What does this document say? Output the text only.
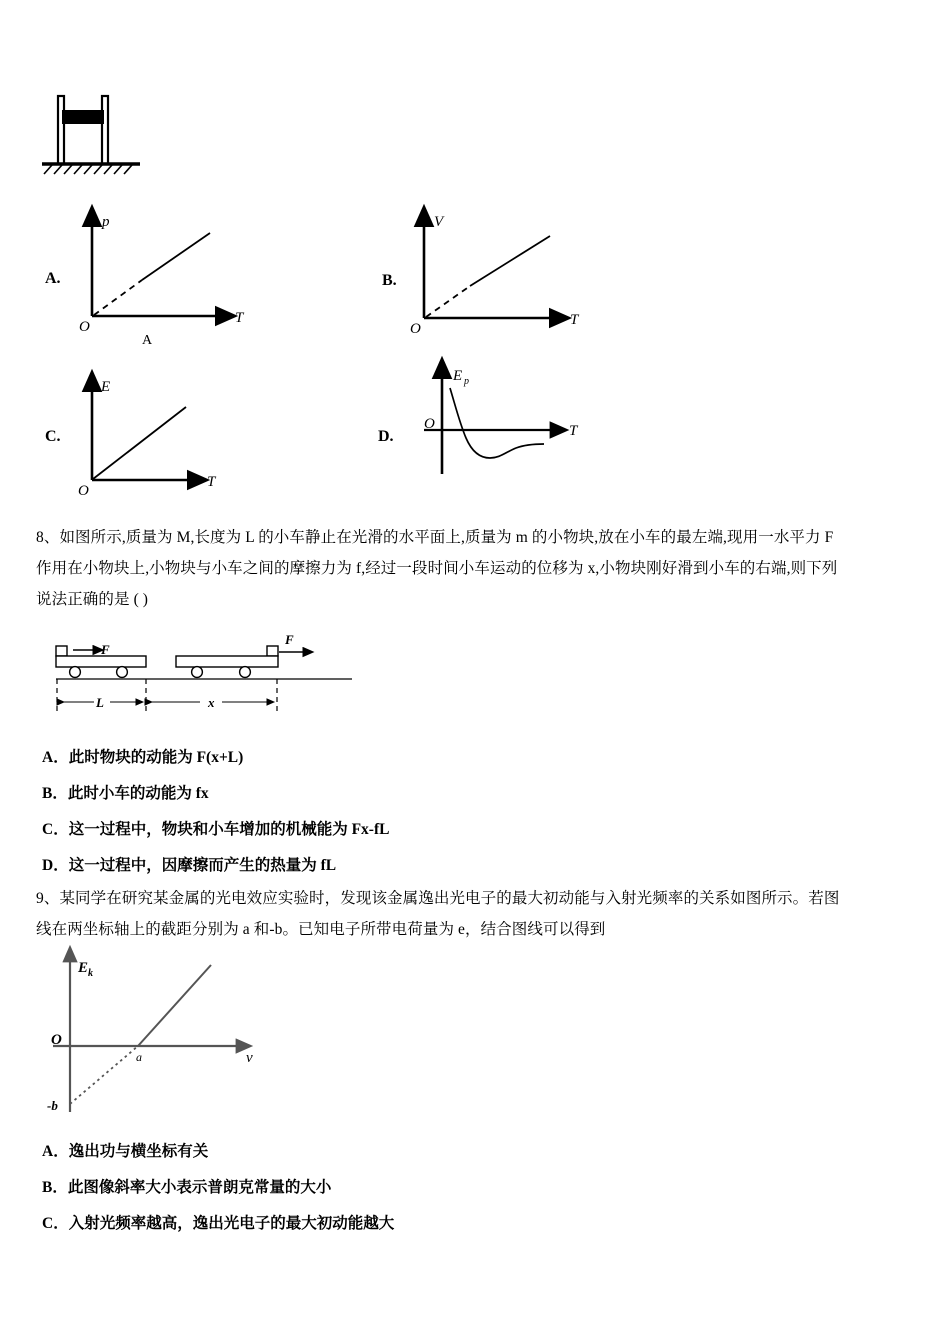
A.
p
T
O
A
B.
V
T
O
C.
E
T
O
D.
E p
T
O
8、如图所示,质量为 M,长度为 L 的小车静止在光滑的水平面上,质量为 m 的小物块,放在小车的最左端,现用一水平力 F
作用在小物块上,小物块与小车之间的摩擦力为 f,经过一段时间小车运动的位移为 x,小物块刚好滑到小车的右端,则下列
说法正确的是 ( )
F
F
L	x
A．此时物块的动能为 F(x+L)
B．此时小车的动能为 fx
C．这一过程中，物块和小车增加的机械能为 Fx-fL
D．这一过程中，因摩擦而产生的热量为 fL
9、某同学在研究某金属的光电效应实验时，发现该金属逸出光电子的最大初动能与入射光频率的关系如图所示。若图
线在两坐标轴上的截距分别为 a 和-b。已知电子所带电荷量为 e，结合图线可以得到
E k
v
O
a
-b
A．逸出功与横坐标有关
B．此图像斜率大小表示普朗克常量的大小
C．入射光频率越高，逸出光电子的最大初动能越大
